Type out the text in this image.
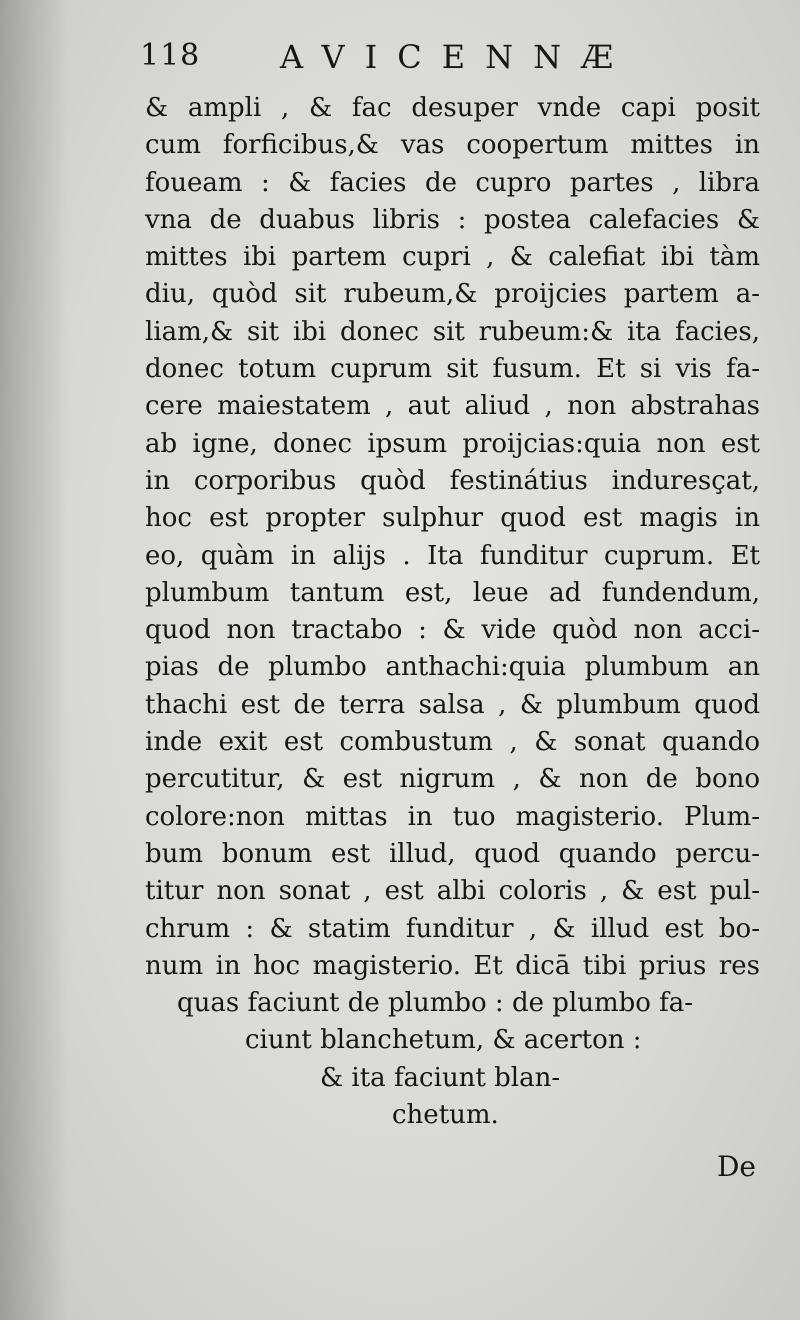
118 AVICENNÆ
& ampli , & fac desuper vnde capi posit
cum forficibus,& vas coopertum mittes in
foueam : & facies de cupro partes , libra
vna de duabus libris : postea calefacies &
mittes ibi partem cupri , & calefiat ibi tàm
diu, quòd sit rubeum,& proijcies partem a-
liam,& sit ibi donec sit rubeum:& ita facies,
donec totum cuprum sit fusum. Et si vis fa-
cere maiestatem , aut aliud , non abstrahas
ab igne, donec ipsum proijcias:quia non est
in corporibus quòd festinátius induresçat,
hoc est propter sulphur quod est magis in
eo, quàm in alijs . Ita funditur cuprum. Et
plumbum tantum est, leue ad fundendum,
quod non tractabo : & vide quòd non acci-
pias de plumbo anthachi:quia plumbum an
thachi est de terra salsa , & plumbum quod
inde exit est combustum , & sonat quando
percutitur, & est nigrum , & non de bono
colore:non mittas in tuo magisterio. Plum-
bum bonum est illud, quod quando percu-
titur non sonat , est albi coloris , & est pul-
chrum : & statim funditur , & illud est bo-
num in hoc magisterio. Et dicā tibi prius res
quas faciunt de plumbo : de plumbo fa-
ciunt blanchetum, & acerton :
& ita faciunt blan-
chetum.
De
